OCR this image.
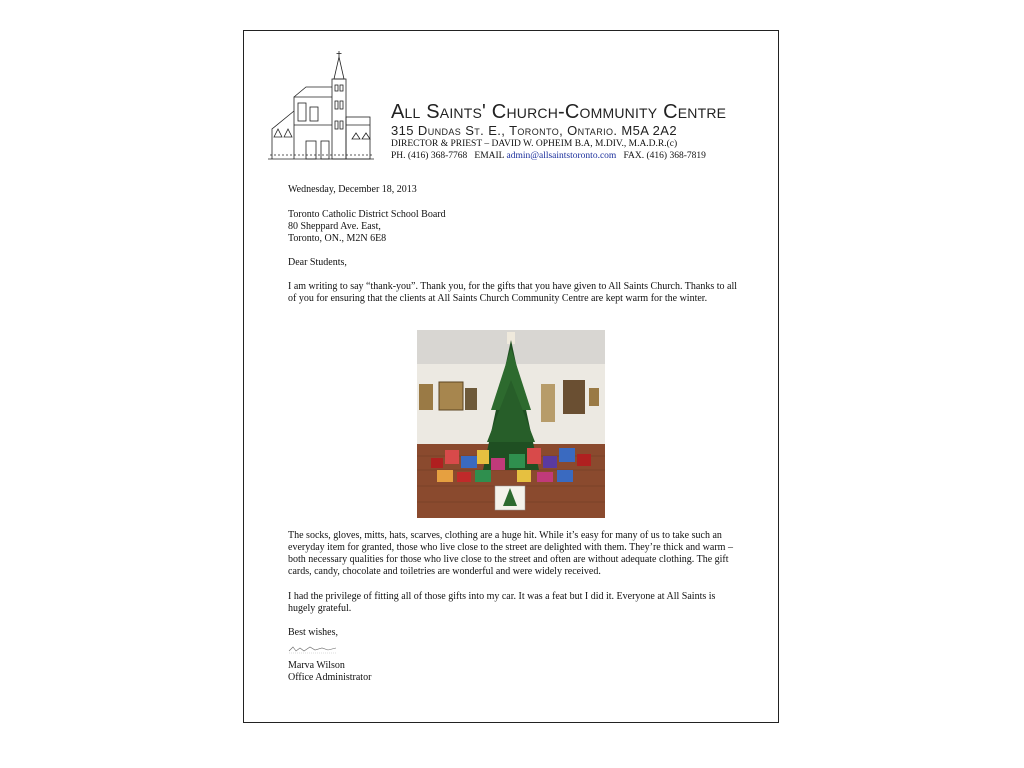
All Saints' Church-Community Centre
315 Dundas St. E., Toronto, Ontario. M5A 2A2
DIRECTOR & PRIEST – DAVID W. OPHEIM B.A, M.DIV., M.A.D.R.(c)
PH. (416) 368-7768 EMAIL admin@allsaintstoronto.com FAX. (416) 368-7819
Wednesday, December 18, 2013
Toronto Catholic District School Board
80 Sheppard Ave. East,
Toronto, ON., M2N 6E8
Dear Students,
I am writing to say “thank-you”. Thank you, for the gifts that you have given to All Saints Church. Thanks to all of you for ensuring that the clients at All Saints Church Community Centre are kept warm for the winter.
The socks, gloves, mitts, hats, scarves, clothing are a huge hit. While it’s easy for many of us to take such an everyday item for granted, those who live close to the street are delighted with them. They’re thick and warm – both necessary qualities for those who live close to the street and often are without adequate clothing. The gift cards, candy, chocolate and toiletries are wonderful and were widely received.
I had the privilege of fitting all of those gifts into my car. It was a feat but I did it. Everyone at All Saints is hugely grateful.
Best wishes,
Marva Wilson
Office Administrator
